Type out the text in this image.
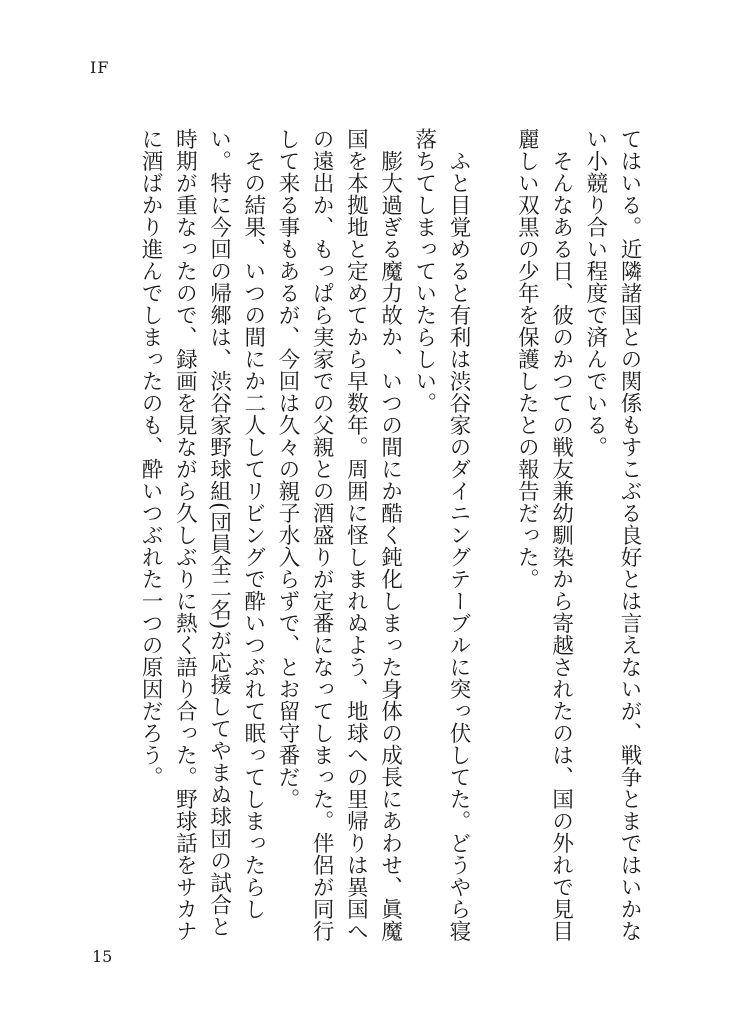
IF

てはいる。近隣諸国との関係もすこぶる良好とは言えないが、戦争とまではいかない小競り合い程度で済んでいる。

そんなある日、彼のかつての戦友兼幼馴染から寄越されたのは、国の外れで見目麗しい双黒の少年を保護したとの報告だった。

ふと目覚めると有利は渋谷家のダイニングテーブルに突っ伏してた。どうやら寝落ちてしまっていたらしい。

膨大過ぎる魔力故か、いつの間にか酷く鈍化しまった身体の成長にあわせ、眞魔国を本拠地と定めてから早数年。周囲に怪しまれぬよう、地球への里帰りは異国への遠出か、もっぱら実家での父親との酒盛りが定番になってしまった。伴侶が同行して来る事もあるが、今回は久々の親子水入らずで、とお留守番だ。

その結果、いつの間にか二人してリビングで酔いつぶれて眠ってしまったらしい。特に今回の帰郷は、渋谷家野球組(団員全二名)が応援してやまぬ球団の試合と時期が重なったので、録画を見ながら久しぶりに熱く語り合った。野球話をサカナに酒ばかり進んでしまったのも、酔いつぶれた一つの原因だろう。

15
